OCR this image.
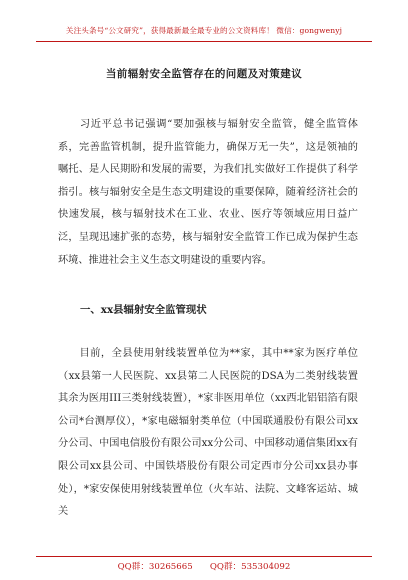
关注头条号“公文研究”，获得最新最全最专业的公文资料库！ 微信：gongwenyj
当前辐射安全监管存在的问题及对策建议
　　习近平总书记强调“要加强核与辐射安全监管，健全监管体系，完善监管机制，提升监管能力，确保万无一失”，这是领袖的嘱托、是人民期盼和发展的需要，为我们扎实做好工作提供了科学指引。核与辐射安全是生态文明建设的重要保障，随着经济社会的快速发展，核与辐射技术在工业、农业、医疗等领域应用日益广泛，呈现迅速扩张的态势，核与辐射安全监管工作已成为保护生态环境、推进社会主义生态文明建设的重要内容。
一、xx县辐射安全监管现状
　　目前，全县使用射线装置单位为**家，其中**家为医疗单位（xx县第一人民医院、xx县第二人民医院的DSA为二类射线装置其余为医用III三类射线装置），*家非医用单位（xx西北铝铝箔有限公司*台测厚仪），*家电磁辐射类单位（中国联通股份有限公司xx分公司、中国电信股份有限公司xx分公司、中国移动通信集团xx有限公司xx县公司、中国铁塔股份有限公司定西市分公司xx县办事处），*家安保使用射线装置单位（火车站、法院、文峰客运站、城关
QQ群：30265665　　QQ群：535304092
